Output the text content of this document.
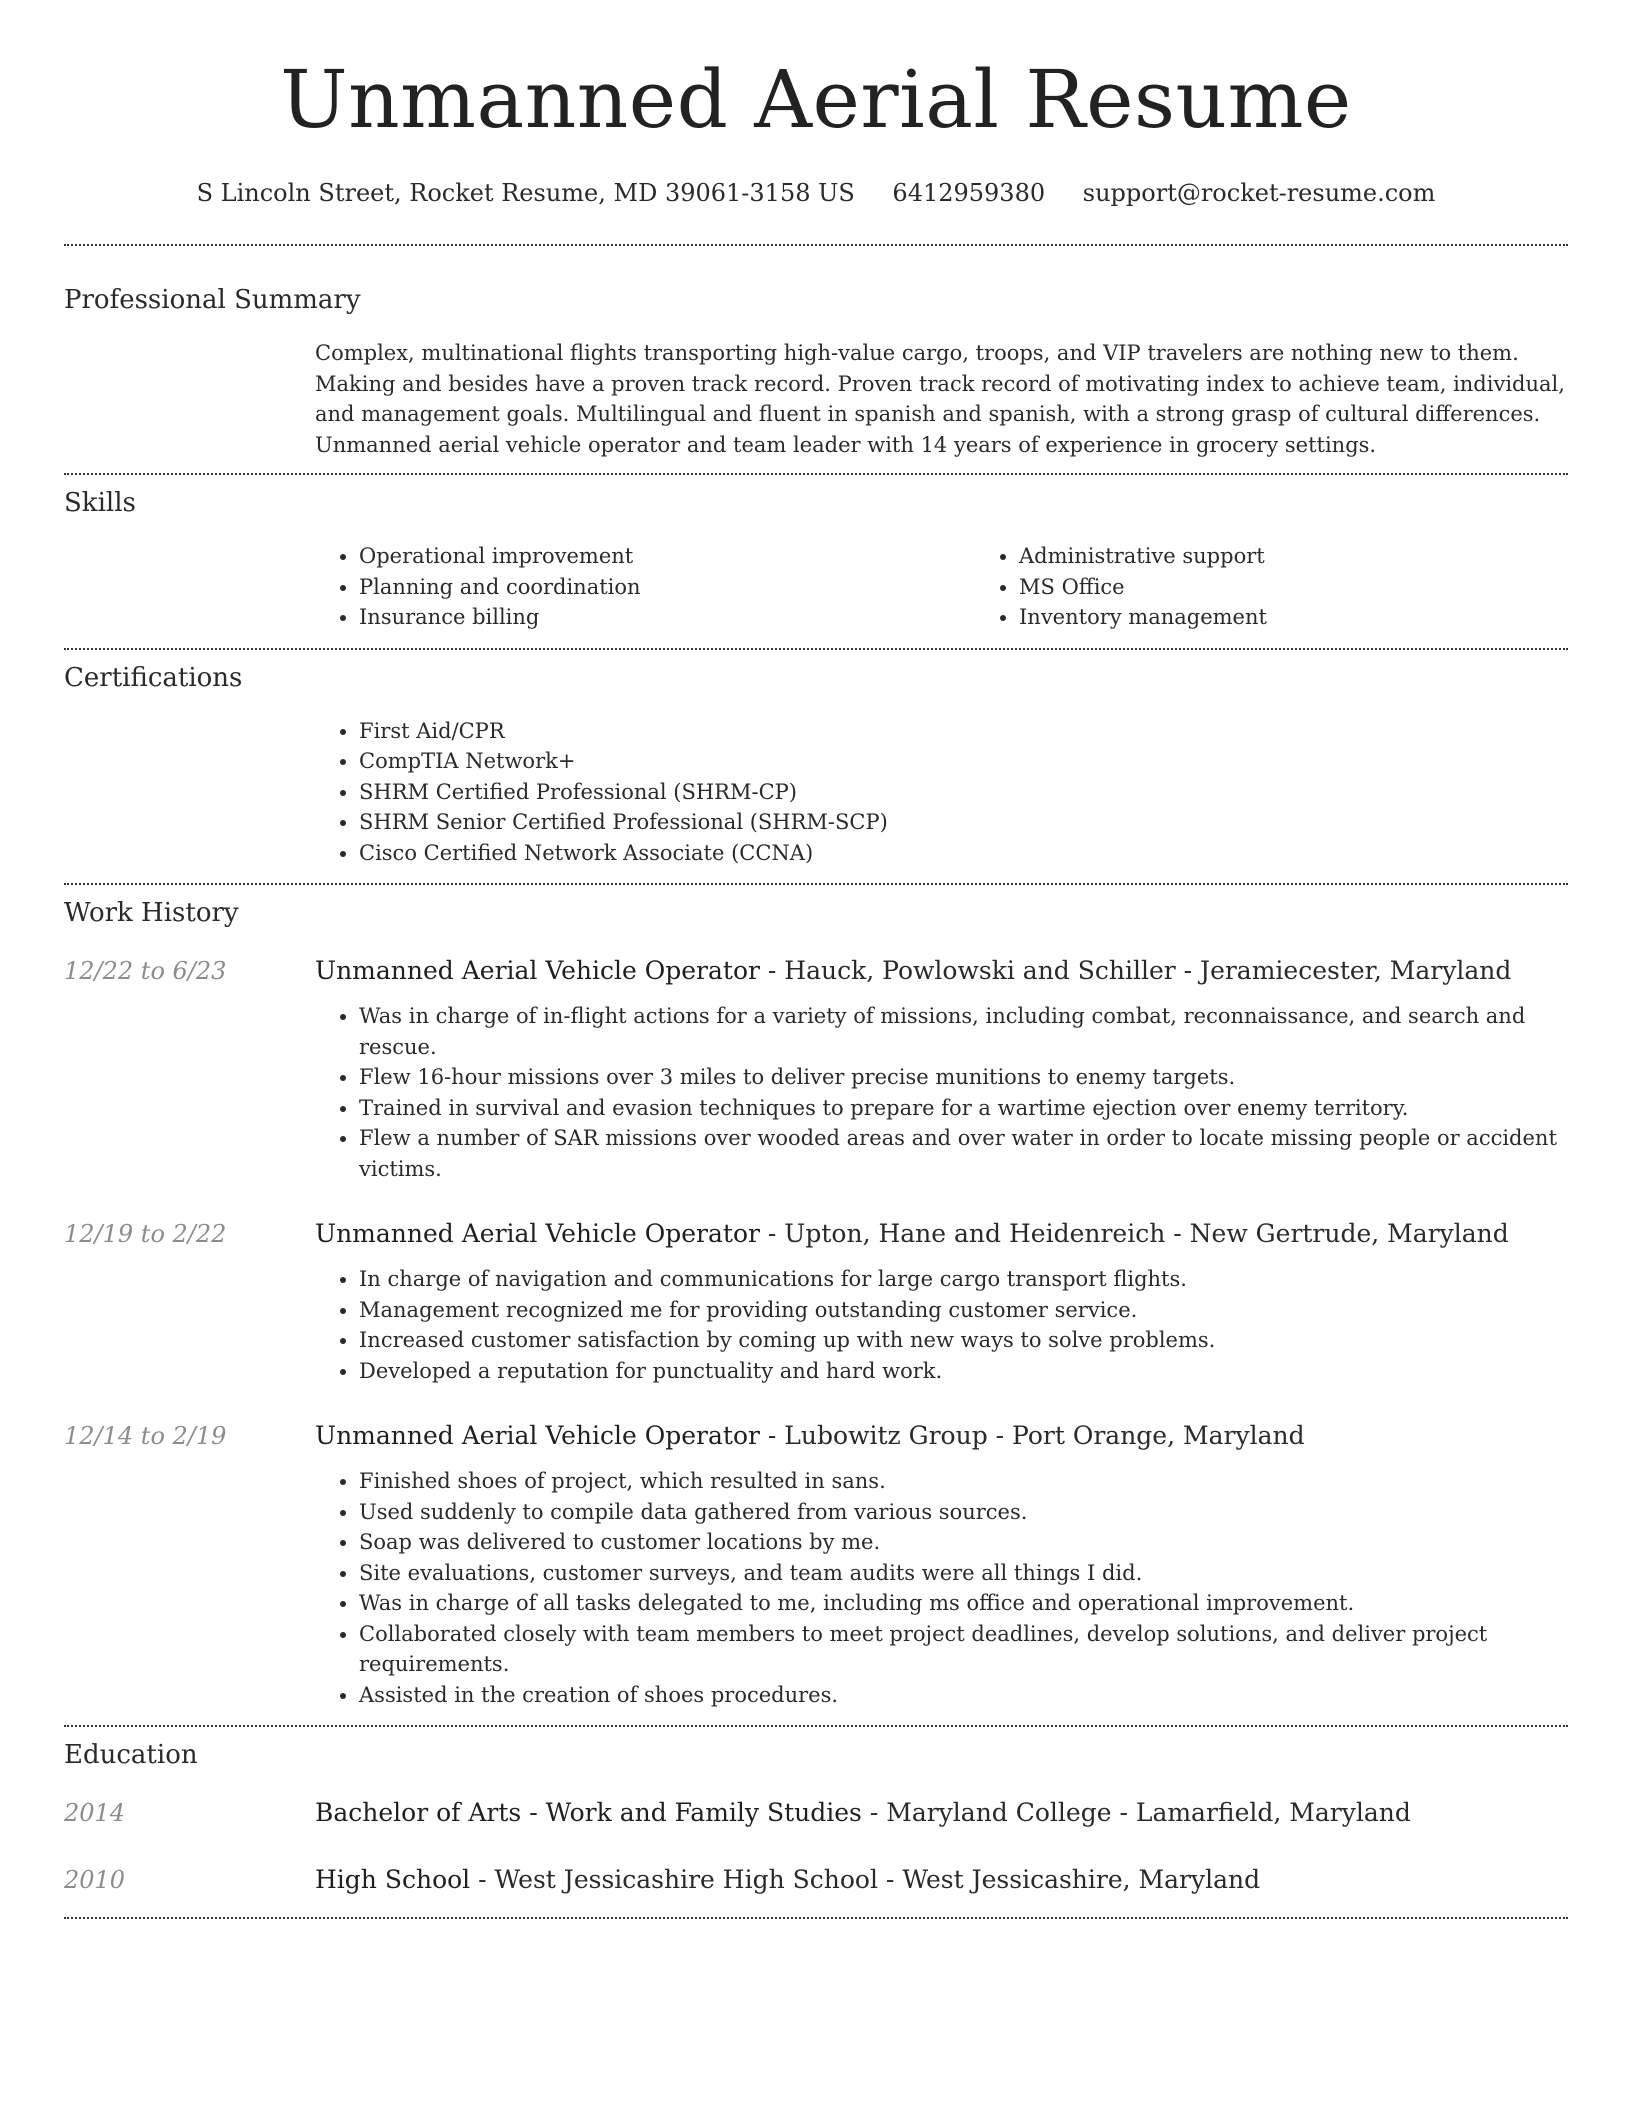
Unmanned Aerial Resume
S Lincoln Street, Rocket Resume, MD 39061-3158 US 6412959380 support@rocket-resume.com
Professional Summary

Complex, multinational flights transporting high-value cargo, troops, and VIP travelers are nothing new to them. Making and besides have a proven track record. Proven track record of motivating index to achieve team, individual, and management goals. Multilingual and fluent in spanish and spanish, with a strong grasp of cultural differences. Unmanned aerial vehicle operator and team leader with 14 years of experience in grocery settings.

Skills
• Operational improvement
• Planning and coordination
• Insurance billing
• Administrative support
• MS Office
• Inventory management
Certifications
• First Aid/CPR
• CompTIA Network+
• SHRM Certified Professional (SHRM-CP)
• SHRM Senior Certified Professional (SHRM-SCP)
• Cisco Certified Network Associate (CCNA)
Work History
12/22 to 6/23	Unmanned Aerial Vehicle Operator - Hauck, Powlowski and Schiller - Jeramiecester, Maryland
• Was in charge of in-flight actions for a variety of missions, including combat, reconnaissance, and search and rescue.
• Flew 16-hour missions over 3 miles to deliver precise munitions to enemy targets.
• Trained in survival and evasion techniques to prepare for a wartime ejection over enemy territory.
• Flew a number of SAR missions over wooded areas and over water in order to locate missing people or accident victims.
12/19 to 2/22	Unmanned Aerial Vehicle Operator - Upton, Hane and Heidenreich - New Gertrude, Maryland
• In charge of navigation and communications for large cargo transport flights.
• Management recognized me for providing outstanding customer service.
• Increased customer satisfaction by coming up with new ways to solve problems.
• Developed a reputation for punctuality and hard work.
12/14 to 2/19	Unmanned Aerial Vehicle Operator - Lubowitz Group - Port Orange, Maryland
• Finished shoes of project, which resulted in sans.
• Used suddenly to compile data gathered from various sources.
• Soap was delivered to customer locations by me.
• Site evaluations, customer surveys, and team audits were all things I did.
• Was in charge of all tasks delegated to me, including ms office and operational improvement.
• Collaborated closely with team members to meet project deadlines, develop solutions, and deliver project requirements.
• Assisted in the creation of shoes procedures.
Education
2014	Bachelor of Arts - Work and Family Studies - Maryland College - Lamarfield, Maryland
2010	High School - West Jessicashire High School - West Jessicashire, Maryland
